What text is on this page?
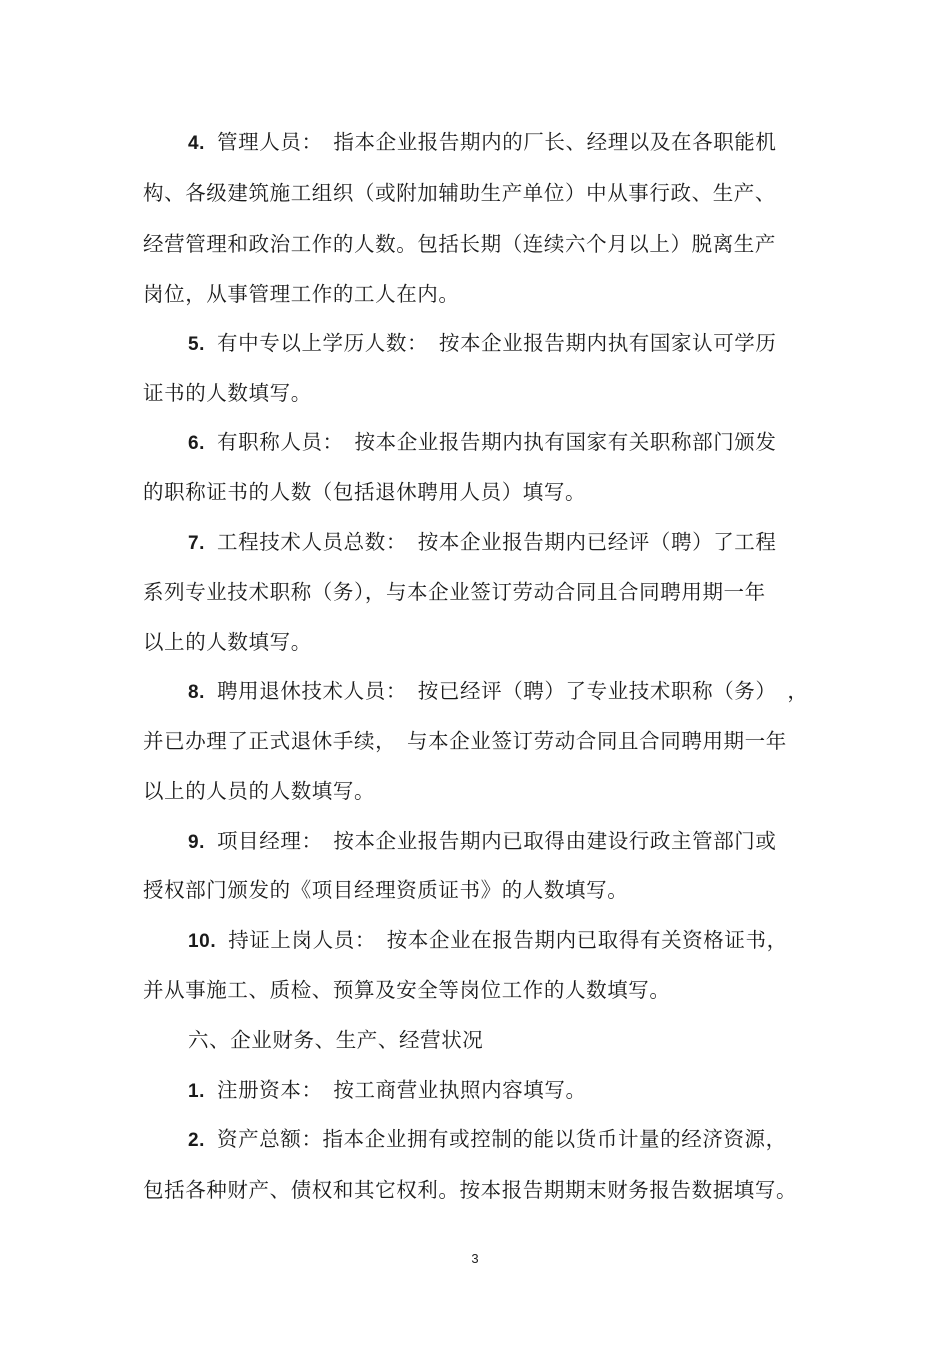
4. 管理人员：　指本企业报告期内的厂长、经理以及在各职能机
构、各级建筑施工组织（或附加辅助生产单位）中从事行政、生产、
经营管理和政治工作的人数。包括长期（连续六个月以上）脱离生产
岗位，从事管理工作的工人在内。
5. 有中专以上学历人数：　按本企业报告期内执有国家认可学历
证书的人数填写。
6. 有职称人员：　按本企业报告期内执有国家有关职称部门颁发
的职称证书的人数（包括退休聘用人员）填写。
7. 工程技术人员总数：　按本企业报告期内已经评（聘）了工程
系列专业技术职称（务），与本企业签订劳动合同且合同聘用期一年
以上的人数填写。
8. 聘用退休技术人员：　按已经评（聘）了专业技术职称（务）　，
并已办理了正式退休手续，　与本企业签订劳动合同且合同聘用期一年
以上的人员的人数填写。
9. 项目经理：　按本企业报告期内已取得由建设行政主管部门或
授权部门颁发的《项目经理资质证书》的人数填写。
10. 持证上岗人员：　按本企业在报告期内已取得有关资格证书，
并从事施工、质检、预算及安全等岗位工作的人数填写。
六、企业财务、生产、经营状况
1. 注册资本：　按工商营业执照内容填写。
2. 资产总额：指本企业拥有或控制的能以货币计量的经济资源，
包括各种财产、债权和其它权利。按本报告期期末财务报告数据填写。
3
